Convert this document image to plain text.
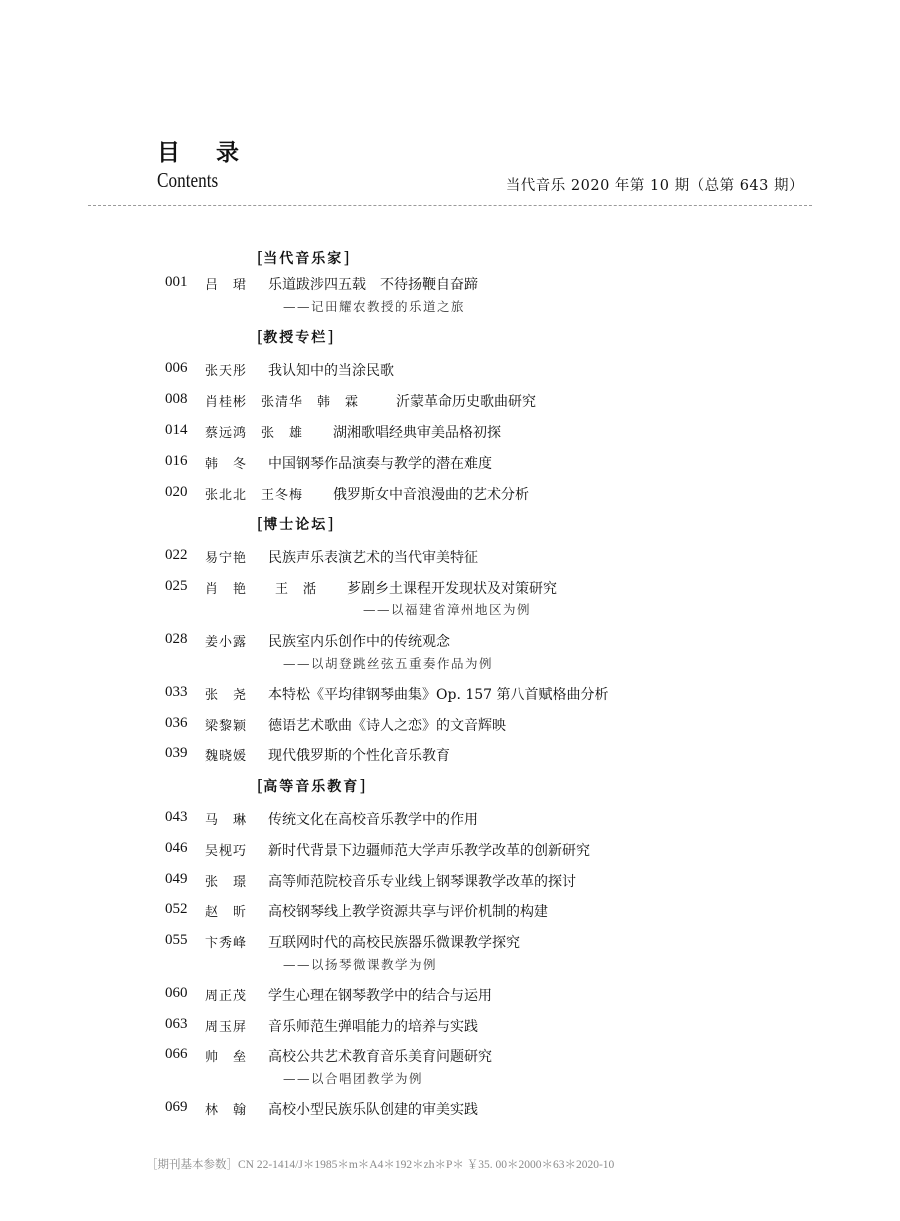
目 录
Contents	当代音乐 2020 年第 10 期（总第 643 期）
[当代音乐家]
001 吕　珺 乐道跋涉四五载　不待扬鞭自奋蹄
——记田耀农教授的乐道之旅
[教授专栏]
006 张天彤 我认知中的当涂民歌
008 肖桂彬　张清华　韩　霖	沂蒙革命历史歌曲研究
014 蔡远鸿　张　雄 湖湘歌唱经典审美品格初探
016 韩　冬 中国钢琴作品演奏与教学的潜在难度
020 张北北　王冬梅 俄罗斯女中音浪漫曲的艺术分析
[博士论坛]
022 易宁艳 民族声乐表演艺术的当代审美特征
025 肖　艳　　王　湉 芗剧乡土课程开发现状及对策研究
——以福建省漳州地区为例
028 姜小露 民族室内乐创作中的传统观念
——以胡登跳丝弦五重奏作品为例
033 张　尧 本特松《平均律钢琴曲集》Op. 157 第八首赋格曲分析
036 梁黎颖 德语艺术歌曲《诗人之恋》的文音辉映
039 魏晓媛 现代俄罗斯的个性化音乐教育
[高等音乐教育]
043 马　琳 传统文化在高校音乐教学中的作用
046 吴枧巧 新时代背景下边疆师范大学声乐教学改革的创新研究
049 张　璟 高等师范院校音乐专业线上钢琴课教学改革的探讨
052 赵　昕 高校钢琴线上教学资源共享与评价机制的构建
055 卞秀峰 互联网时代的高校民族器乐微课教学探究
——以扬琴微课教学为例
060 周正茂 学生心理在钢琴教学中的结合与运用
063 周玉屏 音乐师范生弹唱能力的培养与实践
066 帅　垒 高校公共艺术教育音乐美育问题研究
——以合唱团教学为例
069 林　翰 高校小型民族乐队创建的审美实践
［期刊基本参数］CN 22-1414/J＊1985＊m＊A4＊192＊zh＊P＊ ￥35. 00＊2000＊63＊2020-10
